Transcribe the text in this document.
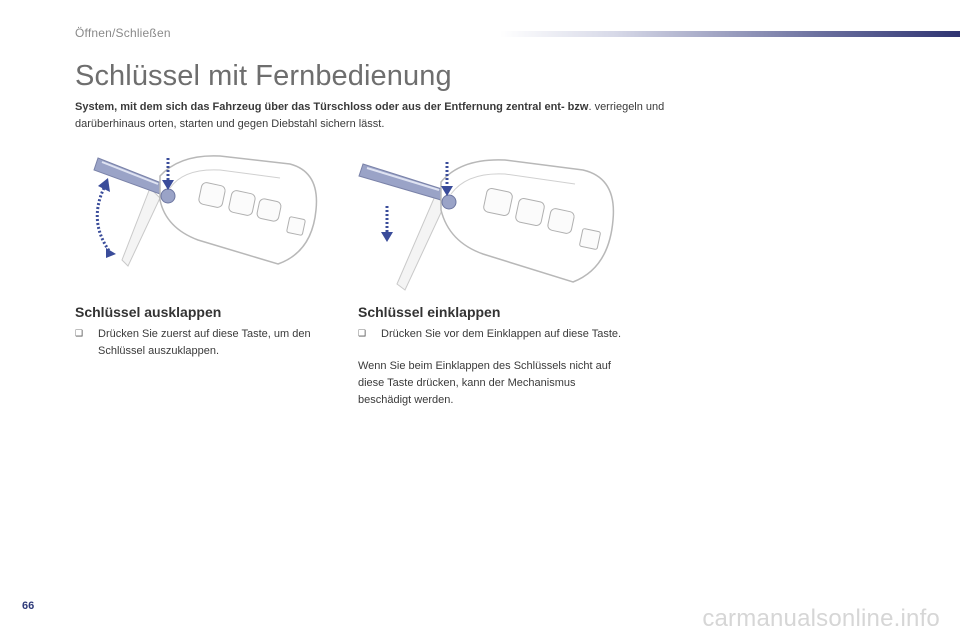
Öffnen/Schließen
Schlüssel mit Fernbedienung

System, mit dem sich das Fahrzeug über das Türschloss oder aus der Entfernung zentral ent- bzw. verriegeln und darüberhinaus orten, starten und gegen Diebstahl sichern lässt.

Schlüssel ausklappen
❑	Drücken Sie zuerst auf diese Taste, um den Schlüssel auszuklappen.
Schlüssel einklappen
❑	Drücken Sie vor dem Einklappen auf diese Taste.

Wenn Sie beim Einklappen des Schlüssels nicht auf diese Taste drücken, kann der Mechanismus beschädigt werden.

66	carmanualsonline.info
